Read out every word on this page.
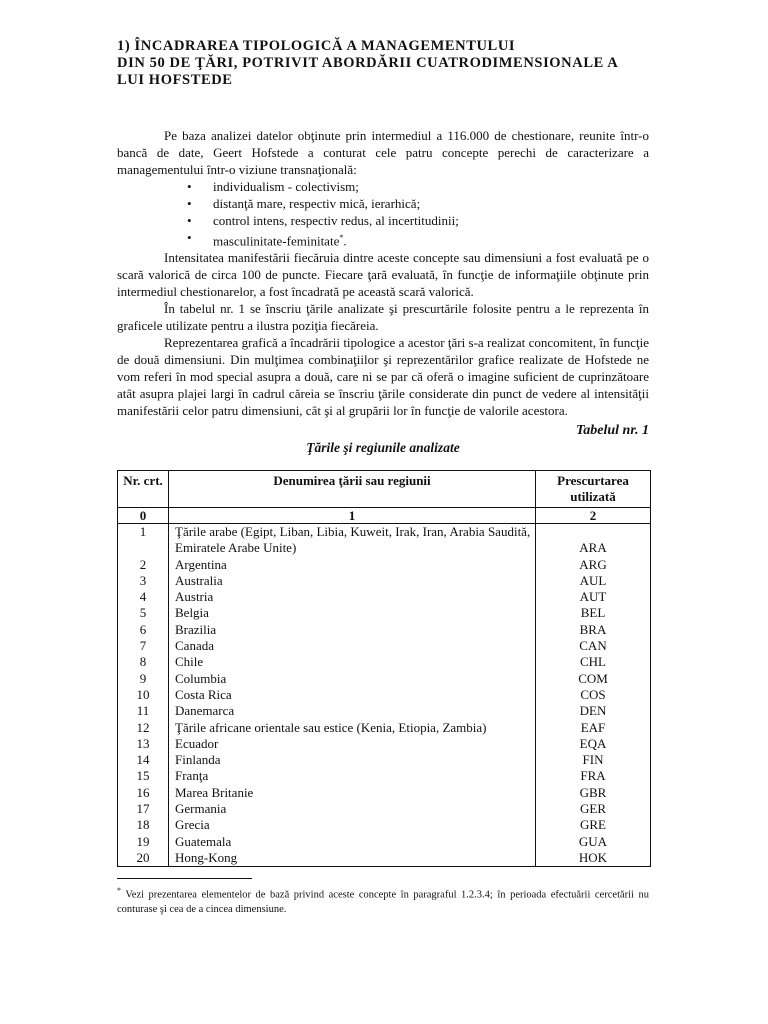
1) ÎNCADRAREA TIPOLOGICĂ A MANAGEMENTULUI
DIN 50 DE ŢĂRI, POTRIVIT ABORDĂRII CUATRODIMENSIONALE A
LUI HOFSTEDE

Pe baza analizei datelor obţinute prin intermediul a 116.000 de chestionare, reunite într-o bancă de date, Geert Hofstede a conturat cele patru concepte perechi de caracterizare a managementului într-o viziune transnaţională:

• individualism - colectivism;
• distanţă mare, respectiv mică, ierarhică;
• control intens, respectiv redus, al incertitudinii;
• masculinitate-feminitate*.

Intensitatea manifestării fiecăruia dintre aceste concepte sau dimensiuni a fost evaluată pe o scară valorică de circa 100 de puncte. Fiecare ţară evaluată, în funcţie de informaţiile obţinute prin intermediul chestionarelor, a fost încadrată pe această scară valorică.

În tabelul nr. 1 se înscriu ţările analizate şi prescurtările folosite pentru a le reprezenta în graficele utilizate pentru a ilustra poziţia fiecăreia.

Reprezentarea grafică a încadrării tipologice a acestor ţări s-a realizat concomitent, în funcţie de două dimensiuni. Din mulţimea combinaţiilor şi reprezentărilor grafice realizate de Hofstede ne vom referi în mod special asupra a două, care ni se par că oferă o imagine suficient de cuprinzătoare atât asupra plajei largi în cadrul căreia se înscriu ţările considerate din punct de vedere al intensităţii manifestării celor patru dimensiuni, cât şi al grupării lor în funcţie de valorile acestora.

Tabelul nr. 1
Ţările şi regiunile analizate
Nr. crt.	Denumirea ţării sau regiunii	Prescurtarea utilizată
0	1	2
1	Ţările arabe (Egipt, Liban, Libia, Kuweit, Irak, Iran, Arabia Saudită, Emiratele Arabe Unite)	ARA
2	Argentina	ARG
3	Australia	AUL
4	Austria	AUT
5	Belgia	BEL
6	Brazilia	BRA
7	Canada	CAN
8	Chile	CHL
9	Columbia	COM
10	Costa Rica	COS
11	Danemarca	DEN
12	Ţările africane orientale sau estice (Kenia, Etiopia, Zambia)	EAF
13	Ecuador	EQA
14	Finlanda	FIN
15	Franţa	FRA
16	Marea Britanie	GBR
17	Germania	GER
18	Grecia	GRE
19	Guatemala	GUA
20	Hong-Kong	HOK
* Vezi prezentarea elementelor de bază privind aceste concepte în paragraful 1.2.3.4; în perioada efectuării cercetării nu conturase şi cea de a cincea dimensiune.
